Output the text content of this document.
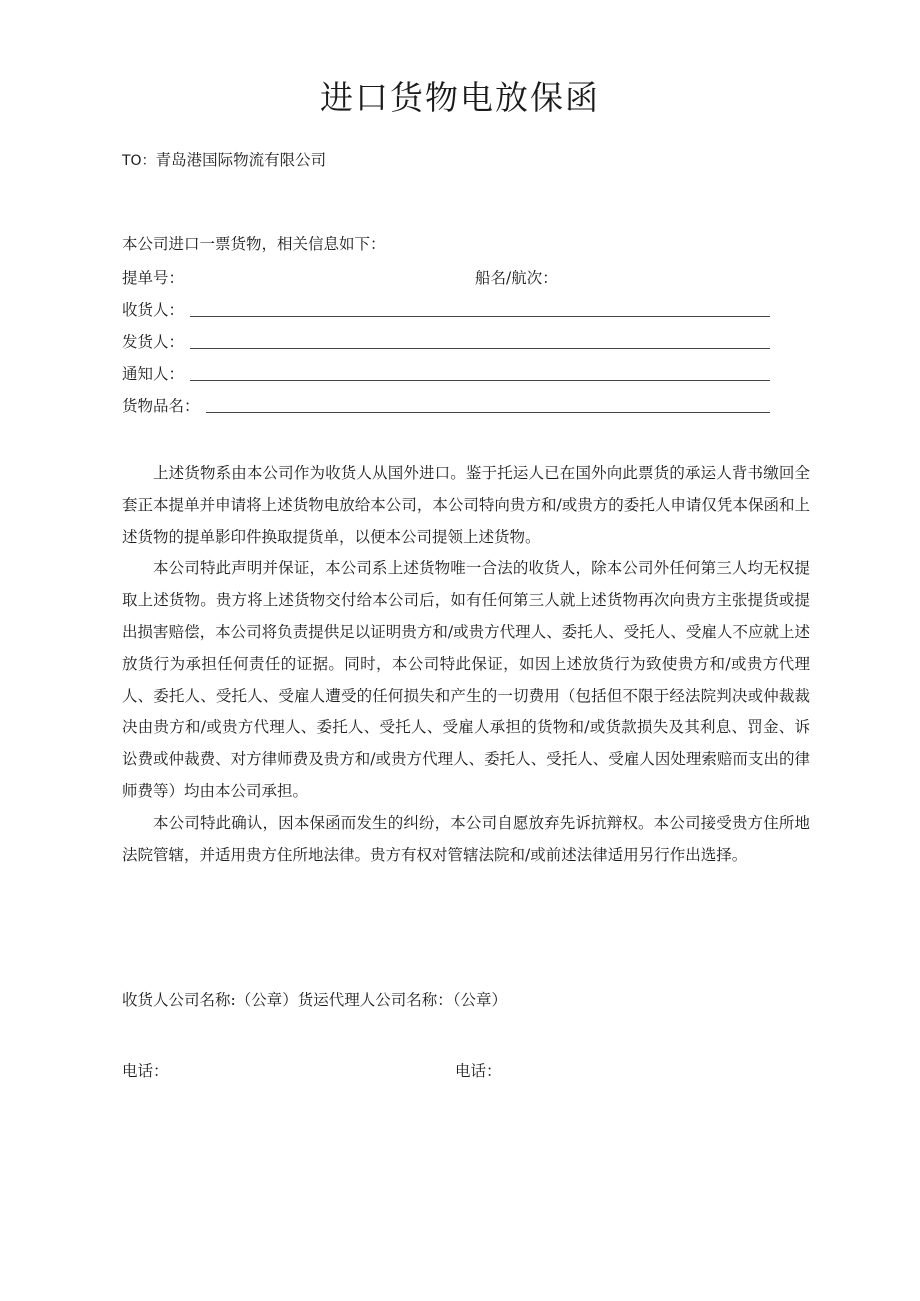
进口货物电放保函
TO：青岛港国际物流有限公司
本公司进口一票货物，相关信息如下：
提单号：	船名/航次：
收货人：
发货人：
通知人：
货物品名：

上述货物系由本公司作为收货人从国外进口。鉴于托运人已在国外向此票货的承运人背书缴回全套正本提单并申请将上述货物电放给本公司，本公司特向贵方和/或贵方的委托人申请仅凭本保函和上述货物的提单影印件换取提货单，以便本公司提领上述货物。

本公司特此声明并保证，本公司系上述货物唯一合法的收货人，除本公司外任何第三人均无权提取上述货物。贵方将上述货物交付给本公司后，如有任何第三人就上述货物再次向贵方主张提货或提出损害赔偿，本公司将负责提供足以证明贵方和/或贵方代理人、委托人、受托人、受雇人不应就上述放货行为承担任何责任的证据。同时，本公司特此保证，如因上述放货行为致使贵方和/或贵方代理人、委托人、受托人、受雇人遭受的任何损失和产生的一切费用（包括但不限于经法院判决或仲裁裁决由贵方和/或贵方代理人、委托人、受托人、受雇人承担的货物和/或货款损失及其利息、罚金、诉讼费或仲裁费、对方律师费及贵方和/或贵方代理人、委托人、受托人、受雇人因处理索赔而支出的律师费等）均由本公司承担。

本公司特此确认，因本保函而发生的纠纷，本公司自愿放弃先诉抗辩权。本公司接受贵方住所地法院管辖，并适用贵方住所地法律。贵方有权对管辖法院和/或前述法律适用另行作出选择。

收货人公司名称:（公章）货运代理人公司名称：（公章）
电话：	电话：
